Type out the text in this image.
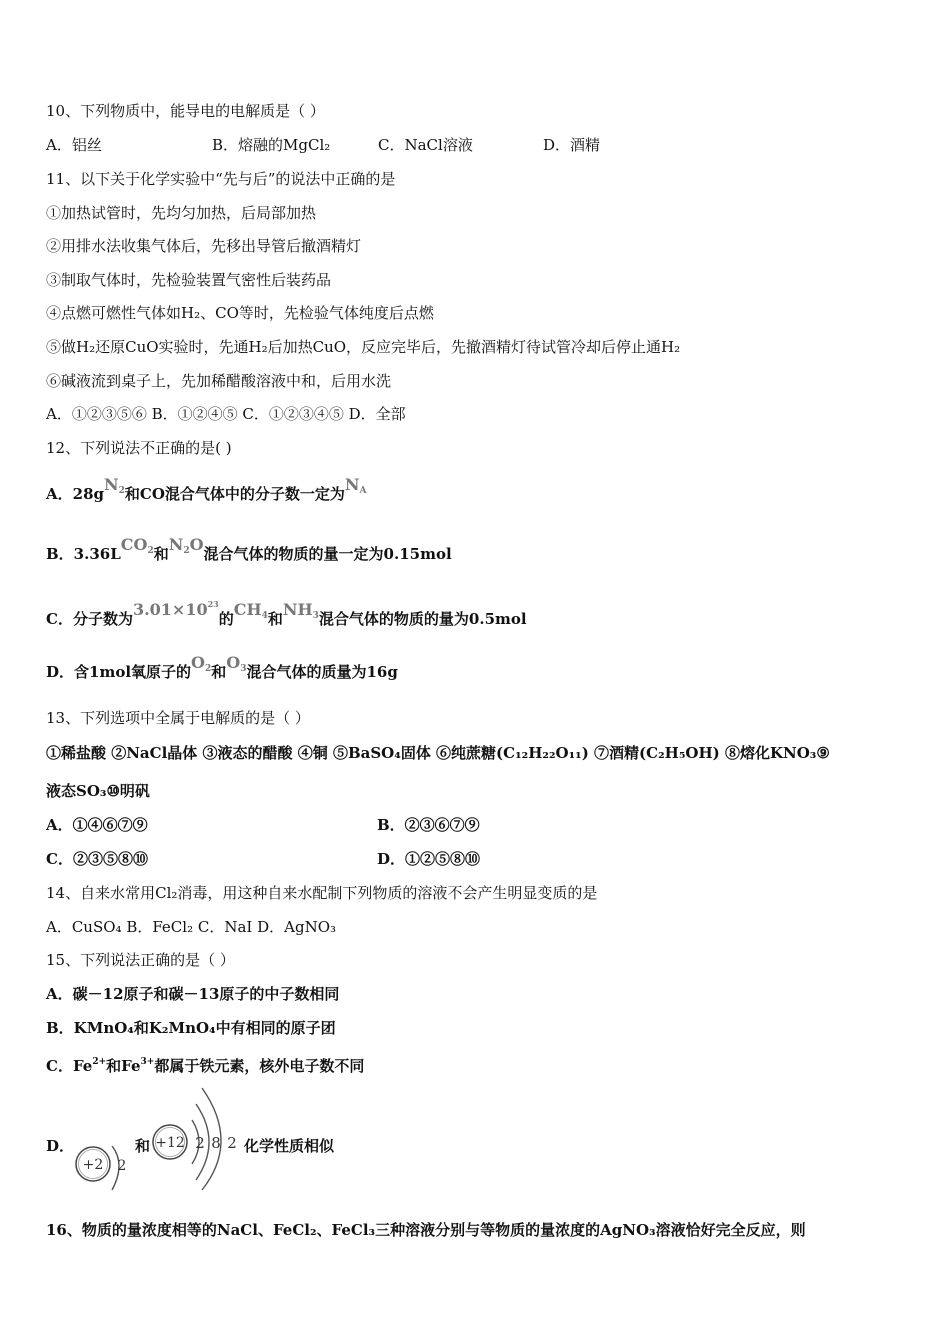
10、下列物质中，能导电的电解质是（ ）
A．铝丝	B．熔融的MgCl₂	C．NaCl溶液	D．酒精
11、以下关于化学实验中“先与后”的说法中正确的是
①加热试管时，先均匀加热，后局部加热
②用排水法收集气体后，先移出导管后撤酒精灯
③制取气体时，先检验装置气密性后装药品
④点燃可燃性气体如H₂、CO等时，先检验气体纯度后点燃
⑤做H₂还原CuO实验时，先通H₂后加热CuO，反应完毕后，先撤酒精灯待试管冷却后停止通H₂
⑥碱液流到桌子上，先加稀醋酸溶液中和，后用水洗
A．①②③⑤⑥ B．①②④⑤ C．①②③④⑤ D．全部
12、下列说法不正确的是( )
A．28gN2和CO混合气体中的分子数一定为NA
B．3.36LCO2和N2O混合气体的物质的量一定为0.15mol
C．分子数为$3.01\times 10^{23}$的CH4和NH3混合气体的物质的量为0.5mol
D．含1mol氧原子的O2和O3混合气体的质量为16g
13、下列选项中全属于电解质的是（ ）
①稀盐酸 ②NaCl晶体 ③液态的醋酸 ④铜 ⑤BaSO₄固体 ⑥纯蔗糖(C₁₂H₂₂O₁₁) ⑦酒精(C₂H₅OH) ⑧熔化KNO₃⑨
液态SO₃⑩明矾
A．①④⑥⑦⑨	B．②③⑥⑦⑨
C．②③⑤⑧⑩	D．①②⑤⑧⑩
14、自来水常用Cl₂消毒，用这种自来水配制下列物质的溶液不会产生明显变质的是
A．CuSO₄ B．FeCl₂ C．NaI D．AgNO₃
15、下列说法正确的是（ ）
A．碳－12原子和碳－13原子的中子数相同
B．KMnO₄和K₂MnO₄中有相同的原子团
C．$Fe^{2+}$和$Fe^{3+}$都属于铁元素，核外电子数不同
D．
+2 2
和 +12 2 8 2 化学性质相似
16、物质的量浓度相等的NaCl、FeCl₂、FeCl₃三种溶液分别与等物质的量浓度的AgNO₃溶液恰好完全反应，则
